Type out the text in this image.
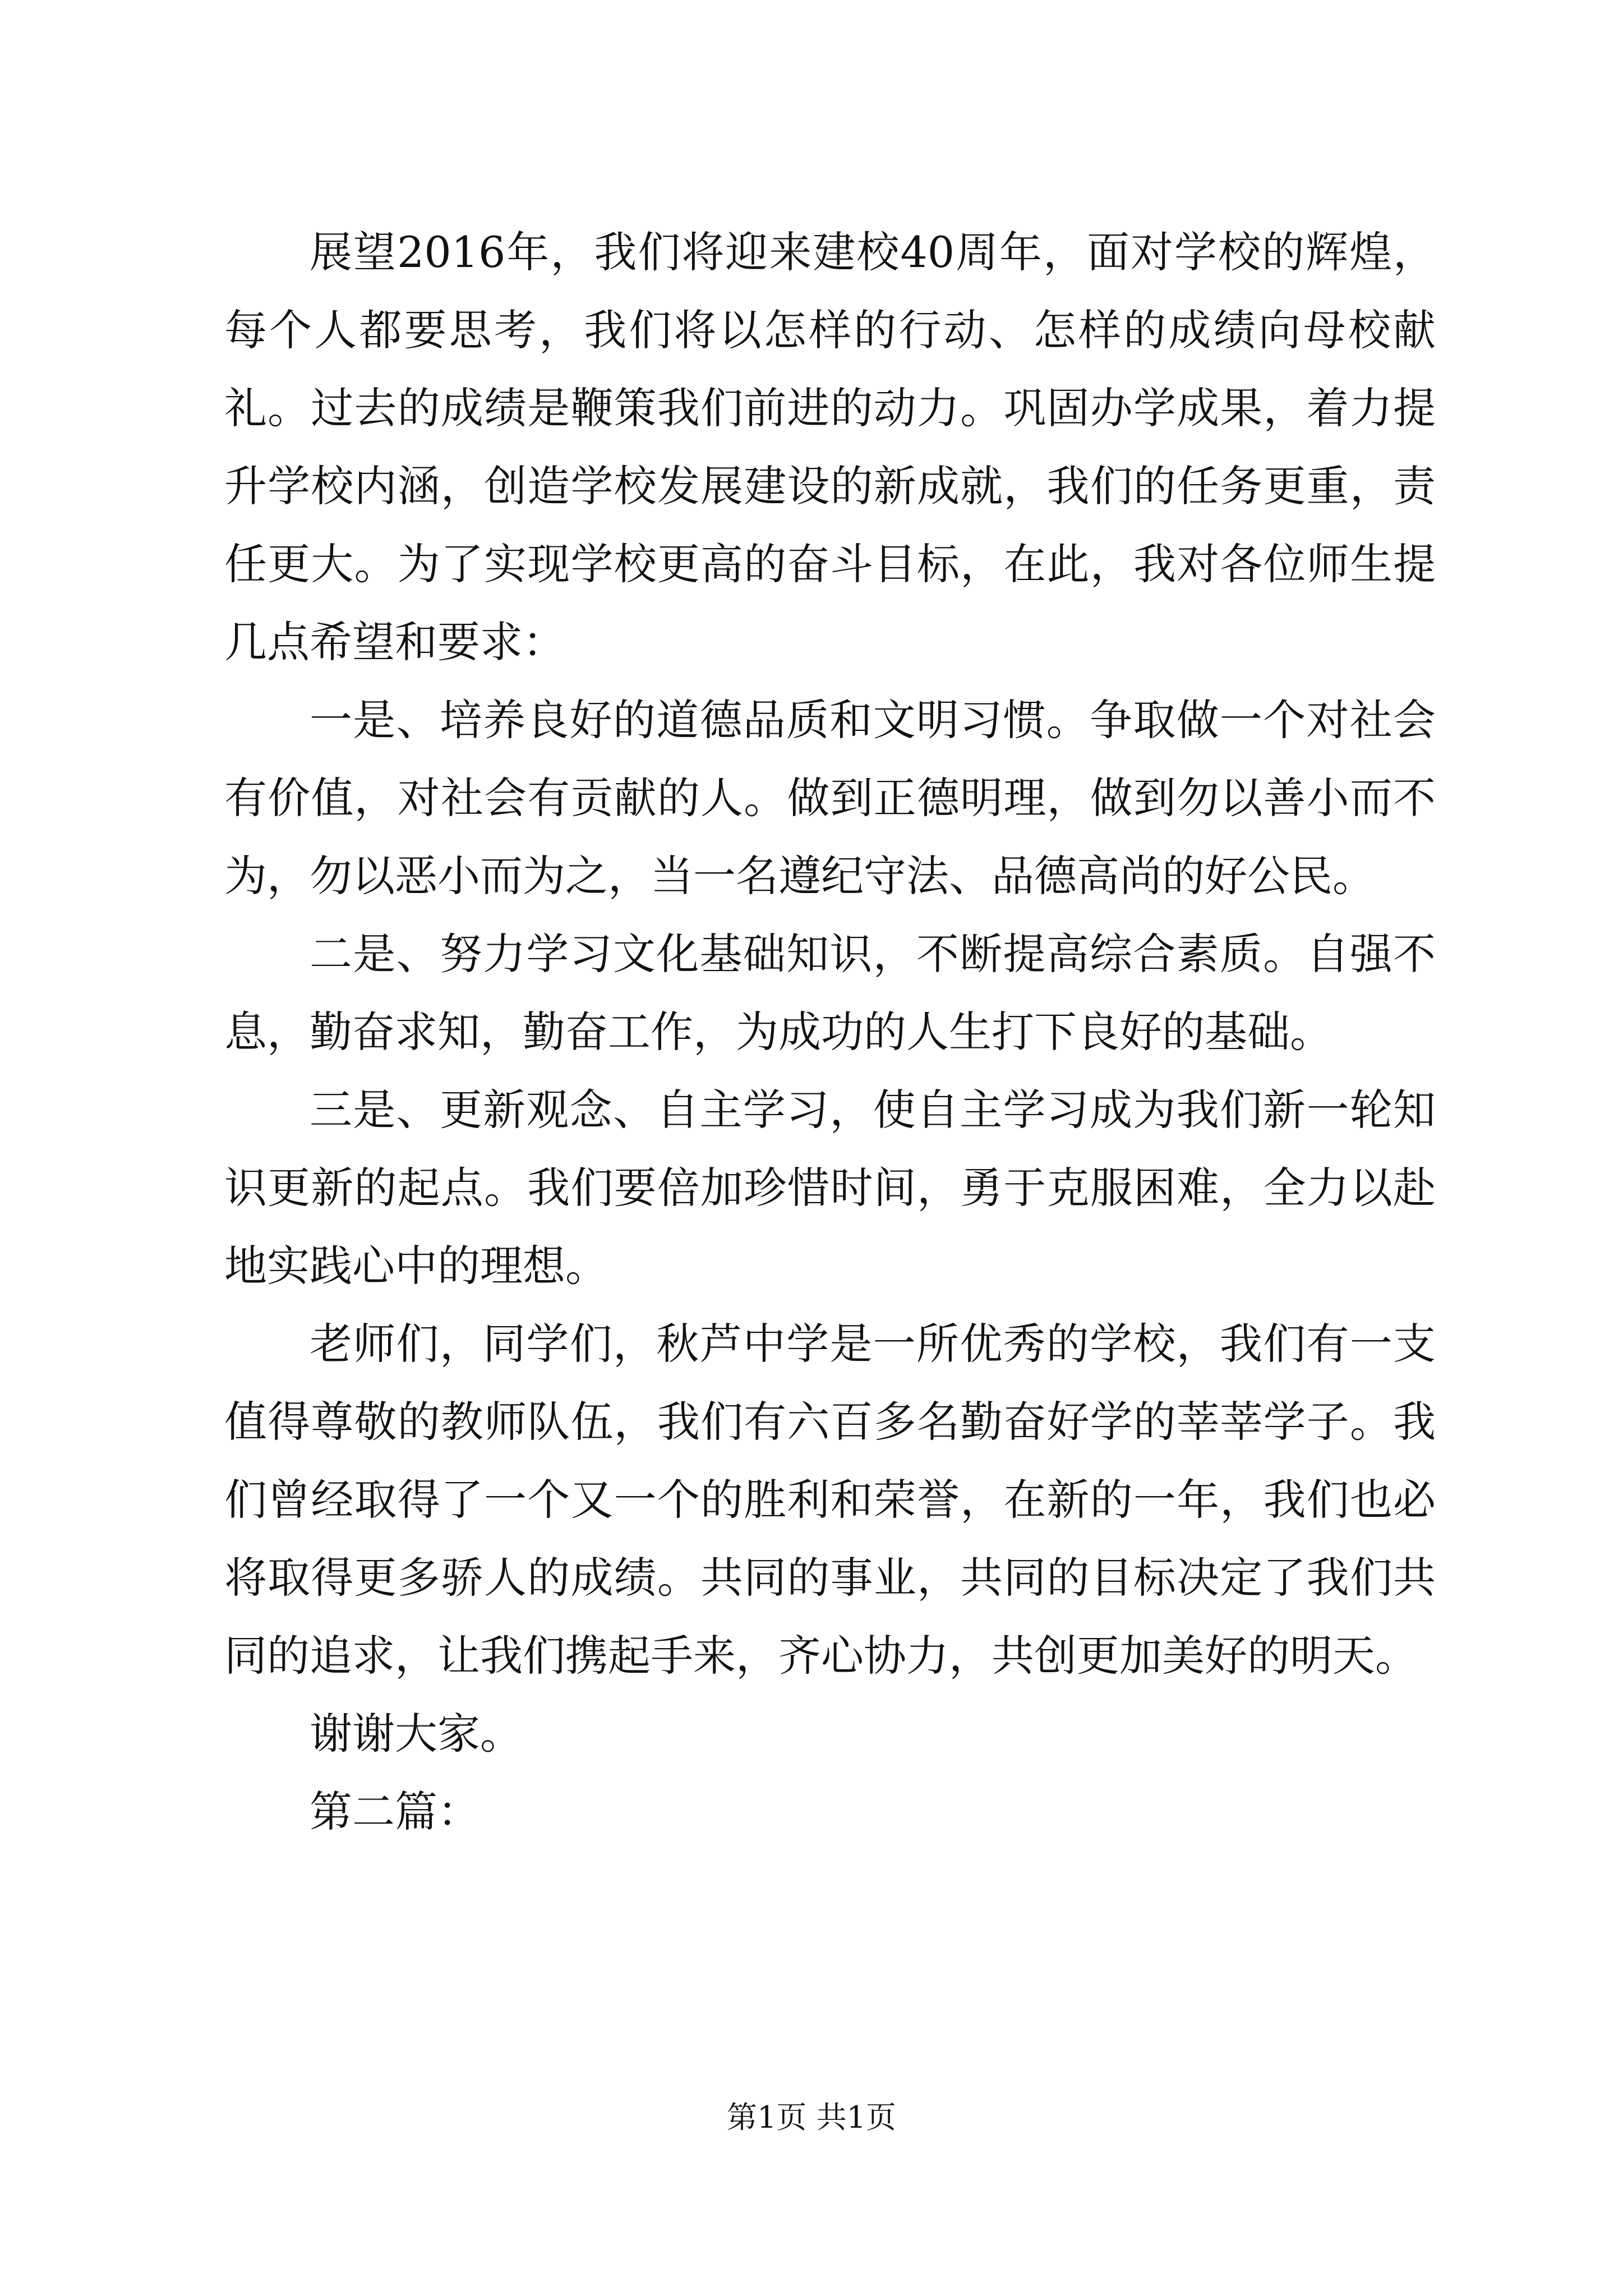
展望2016年，我们将迎来建校40周年，面对学校的辉煌，每个人都要思考，我们将以怎样的行动、怎样的成绩向母校献礼。过去的成绩是鞭策我们前进的动力。巩固办学成果，着力提升学校内涵，创造学校发展建设的新成就，我们的任务更重，责任更大。为了实现学校更高的奋斗目标，在此，我对各位师生提几点希望和要求：

一是、培养良好的道德品质和文明习惯。争取做一个对社会有价值，对社会有贡献的人。做到正德明理，做到勿以善小而不为，勿以恶小而为之，当一名遵纪守法、品德高尚的好公民。

二是、努力学习文化基础知识，不断提高综合素质。自强不息，勤奋求知，勤奋工作，为成功的人生打下良好的基础。

三是、更新观念、自主学习，使自主学习成为我们新一轮知识更新的起点。我们要倍加珍惜时间，勇于克服困难，全力以赴地实践心中的理想。

老师们，同学们，秋芦中学是一所优秀的学校，我们有一支值得尊敬的教师队伍，我们有六百多名勤奋好学的莘莘学子。我们曾经取得了一个又一个的胜利和荣誉，在新的一年，我们也必将取得更多骄人的成绩。共同的事业，共同的目标决定了我们共同的追求，让我们携起手来，齐心协力，共创更加美好的明天。

谢谢大家。

第二篇：

第1页 共1页
